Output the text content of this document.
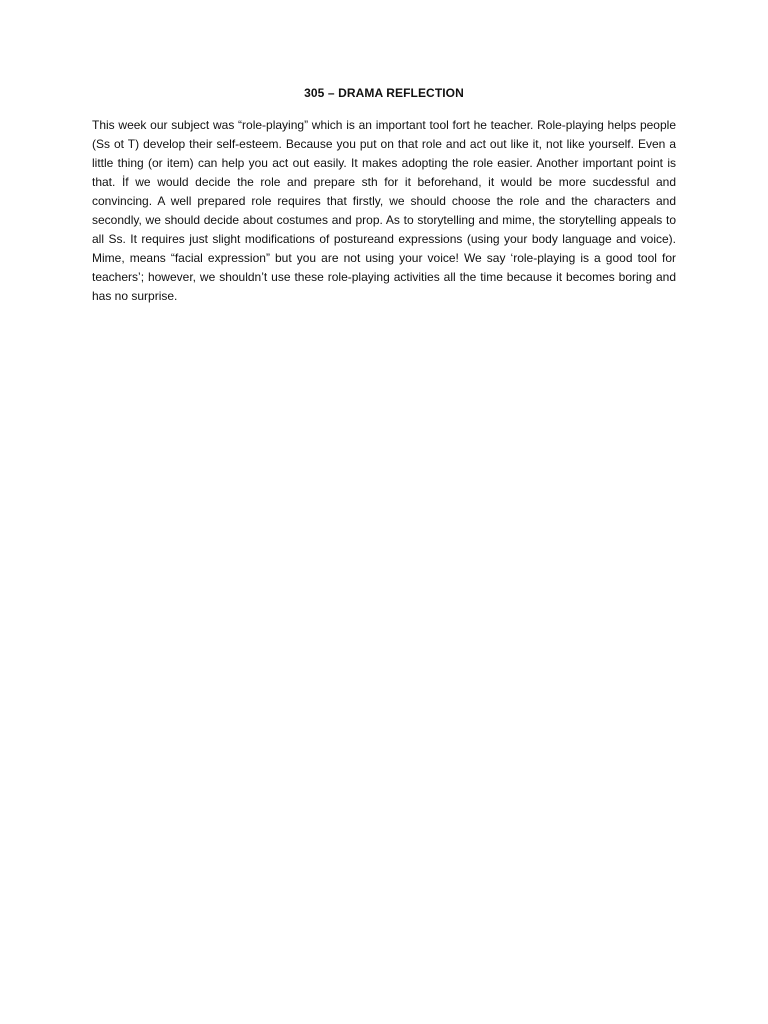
305 – DRAMA REFLECTION

This week our subject was “role-playing” which is an important tool fort he teacher. Role-playing helps people (Ss ot T) develop their self-esteem. Because you put on that role and act out like it, not like yourself. Even a little thing (or item) can help you act out easily. It makes adopting the role easier. Another important point is that. İf we would decide the role and prepare sth for it beforehand, it would be more sucdessful and convincing. A well prepared role requires that firstly, we should choose the role and the characters and secondly, we should decide about costumes and prop. As to storytelling and mime, the storytelling appeals to all Ss. It requires just slight modifications of postureand expressions (using your body language and voice). Mime, means “facial expression” but you are not using your voice! We say ‘role-playing is a good tool for teachers’; however, we shouldn’t use these role-playing activities all the time because it becomes boring and has no surprise.
